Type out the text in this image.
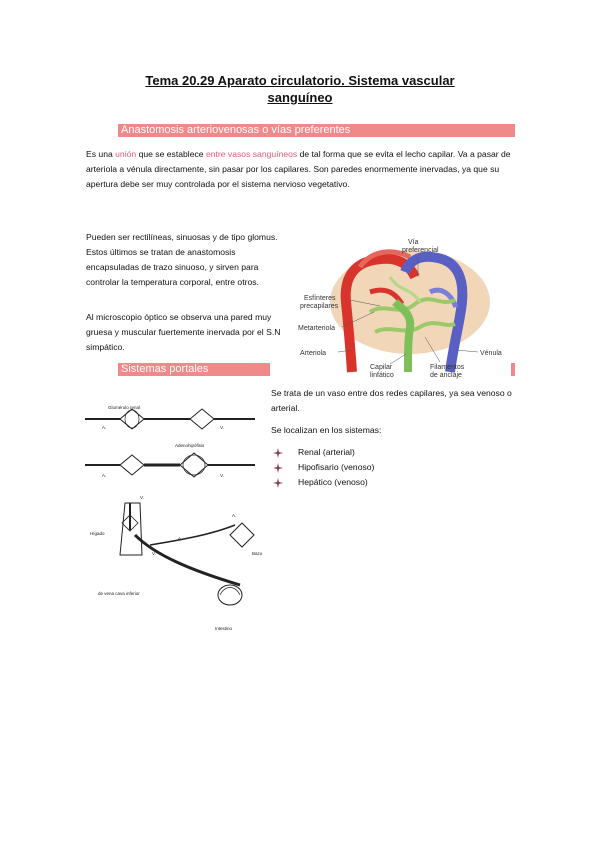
Tema 20.29 Aparato circulatorio. Sistema vascular
sanguíneo
Anastomosis arteriovenosas o vías preferentes
Es una unión que se establece entre vasos sanguíneos de tal forma que se evita el lecho capilar. Va a pasar de arteriola a vénula directamente, sin pasar por los capilares. Son paredes enormemente inervadas, ya que su apertura debe ser muy controlada por el sistema nervioso vegetativo.
Pueden ser rectilíneas, sinuosas y de tipo glomus. Estos últimos se tratan de anastomosis encapsuladas de trazo sinuoso, y sirven para controlar la temperatura corporal, entre otros.
Al microscopio óptico se observa una pared muy gruesa y muscular fuertemente inervada por el S.N simpático.
Vía
preferencial
Esfínteres
precapilares
Metarteriola
Arteriola
Capilar
linfático
Filamentos
de anclaje
Vénula
Sistemas portales
Se trata de un vaso entre dos redes capilares, ya sea venoso o arterial.
Se localizan en los sistemas:
Renal (arterial)
Hipofisario (venoso)
Hepático (venoso)
Glomérulo renal
A.	V.
Adenohipófisis
A.	V.
Hígado
Bazo
Intestino
V.
A.
V.
A.
de vena cava inferior
